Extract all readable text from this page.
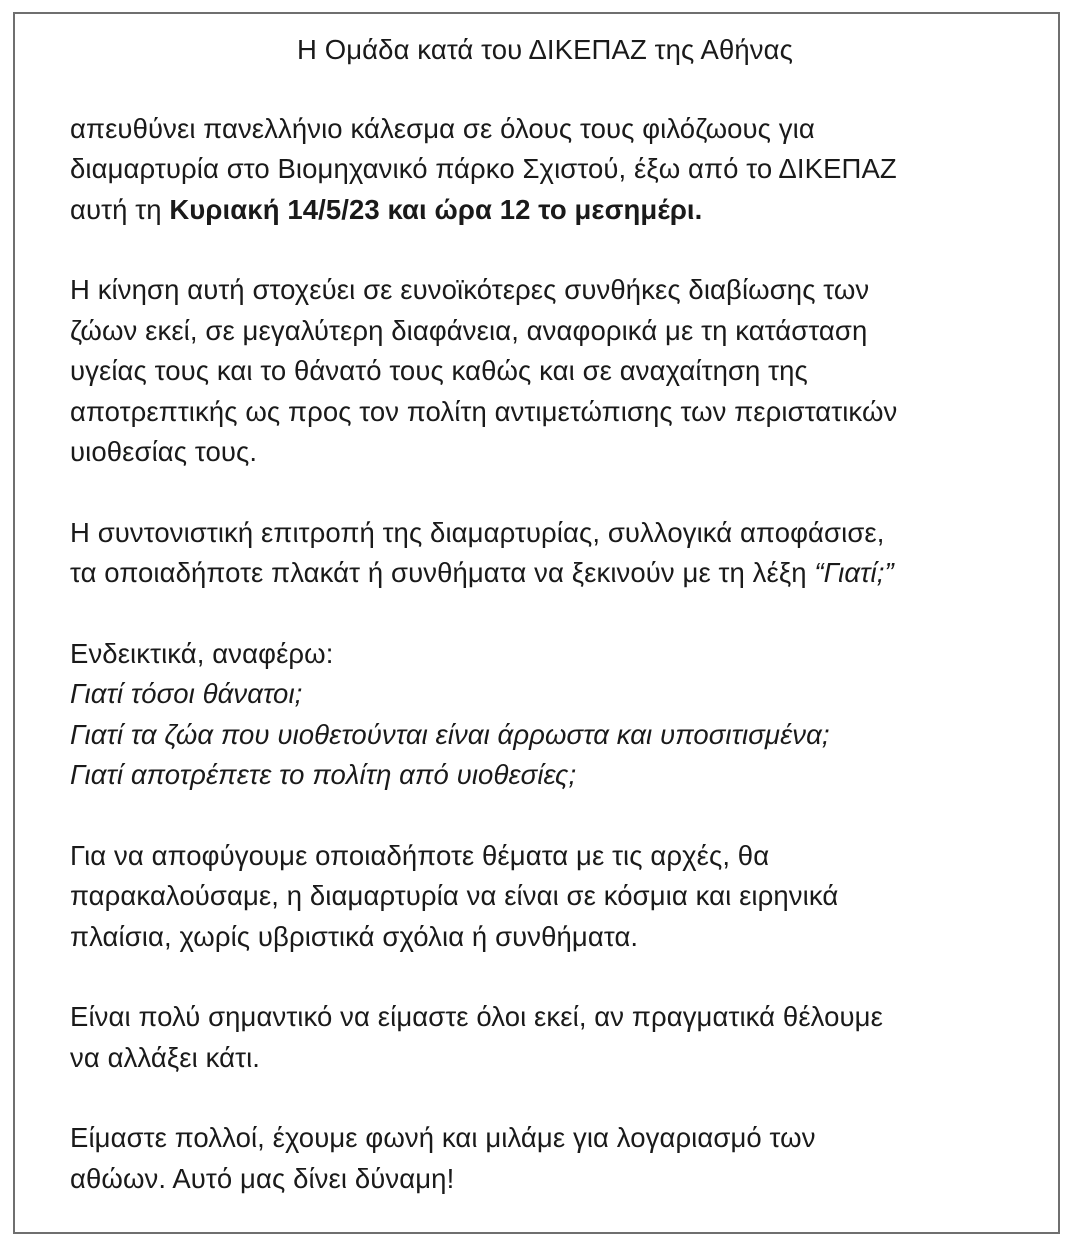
Η Ομάδα κατά του ΔΙΚΕΠΑΖ της Αθήνας
απευθύνει πανελλήνιο κάλεσμα σε όλους τους φιλόζωους για
διαμαρτυρία στο Βιομηχανικό πάρκο Σχιστού, έξω από το ΔΙΚΕΠΑΖ
αυτή τη Κυριακή 14/5/23 και ώρα 12 το μεσημέρι.
Η κίνηση αυτή στοχεύει σε ευνοϊκότερες συνθήκες διαβίωσης των
ζώων εκεί, σε μεγαλύτερη διαφάνεια, αναφορικά με τη κατάσταση
υγείας τους και το θάνατό τους καθώς και σε αναχαίτηση της
αποτρεπτικής ως προς τον πολίτη αντιμετώπισης των περιστατικών
υιοθεσίας τους.
Η συντονιστική επιτροπή της διαμαρτυρίας, συλλογικά αποφάσισε,
τα οποιαδήποτε πλακάτ ή συνθήματα να ξεκινούν με τη λέξη “Γιατί;”
Ενδεικτικά, αναφέρω:
Γιατί τόσοι θάνατοι;
Γιατί τα ζώα που υιοθετούνται είναι άρρωστα και υποσιτισμένα;
Γιατί αποτρέπετε το πολίτη από υιοθεσίες;
Για να αποφύγουμε οποιαδήποτε θέματα με τις αρχές, θα
παρακαλούσαμε, η διαμαρτυρία να είναι σε κόσμια και ειρηνικά
πλαίσια, χωρίς υβριστικά σχόλια ή συνθήματα.
Είναι πολύ σημαντικό να είμαστε όλοι εκεί, αν πραγματικά θέλουμε
να αλλάξει κάτι.
Είμαστε πολλοί, έχουμε φωνή και μιλάμε για λογαριασμό των
αθώων. Αυτό μας δίνει δύναμη!
